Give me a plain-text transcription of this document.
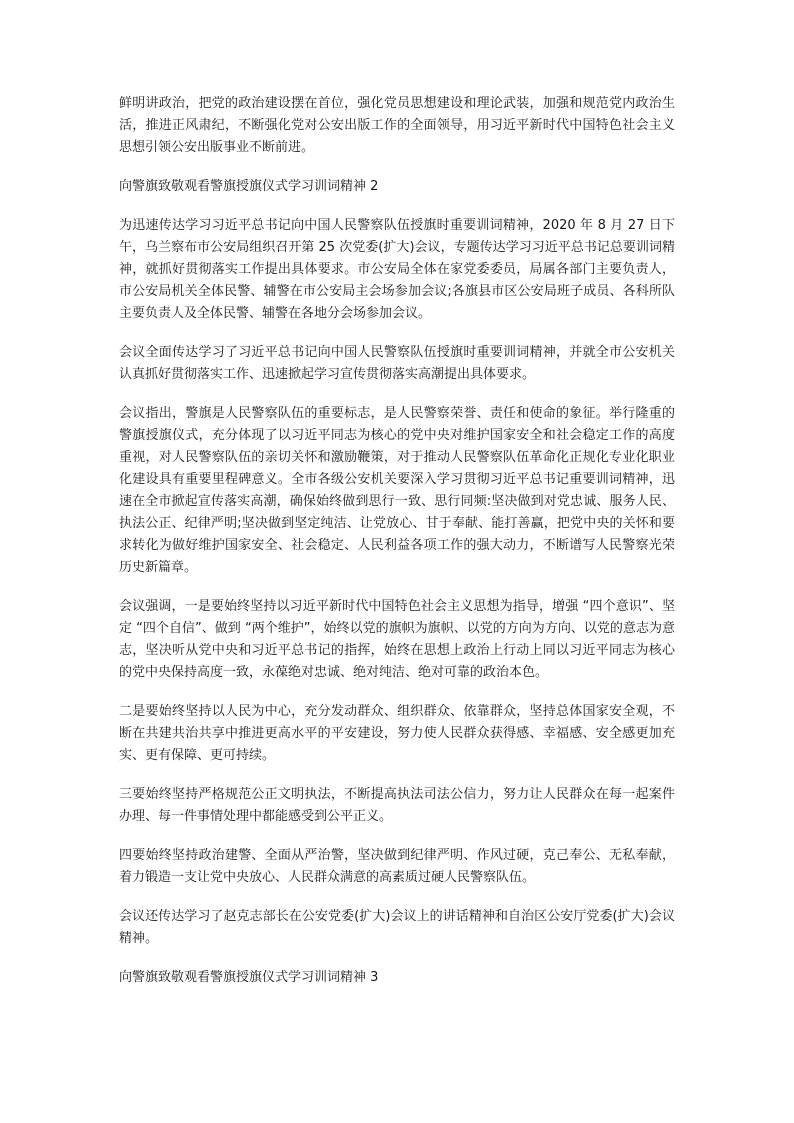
鲜明讲政治，把党的政治建设摆在首位，强化党员思想建设和理论武装，加强和规范党内政治生活，推进正风肃纪，不断强化党对公安出版工作的全面领导，用习近平新时代中国特色社会主义思想引领公安出版事业不断前进。

向警旗致敬观看警旗授旗仪式学习训词精神 2

为迅速传达学习习近平总书记向中国人民警察队伍授旗时重要训词精神，2020 年 8 月 27 日下午，乌兰察布市公安局组织召开第 25 次党委(扩大)会议，专题传达学习习近平总书记总要训词精神，就抓好贯彻落实工作提出具体要求。市公安局全体在家党委委员，局属各部门主要负责人，市公安局机关全体民警、辅警在市公安局主会场参加会议;各旗县市区公安局班子成员、各科所队主要负责人及全体民警、辅警在各地分会场参加会议。

会议全面传达学习了习近平总书记向中国人民警察队伍授旗时重要训词精神，并就全市公安机关认真抓好贯彻落实工作、迅速掀起学习宣传贯彻落实高潮提出具体要求。

会议指出，警旗是人民警察队伍的重要标志，是人民警察荣誉、责任和使命的象征。举行隆重的警旗授旗仪式，充分体现了以习近平同志为核心的党中央对维护国家安全和社会稳定工作的高度重视，对人民警察队伍的亲切关怀和激励鞭策，对于推动人民警察队伍革命化正规化专业化职业化建设具有重要里程碑意义。全市各级公安机关要深入学习贯彻习近平总书记重要训词精神，迅速在全市掀起宣传落实高潮，确保始终做到思行一致、思行同频:坚决做到对党忠诚、服务人民、执法公正、纪律严明;坚决做到坚定纯洁、让党放心、甘于奉献、能打善赢，把党中央的关怀和要求转化为做好维护国家安全、社会稳定、人民利益各项工作的强大动力，不断谱写人民警察光荣历史新篇章。

会议强调，一是要始终坚持以习近平新时代中国特色社会主义思想为指导，增强 “四个意识”、坚定 “四个自信”、做到 “两个维护”，始终以党的旗帜为旗帜、以党的方向为方向、以党的意志为意志，坚决听从党中央和习近平总书记的指挥，始终在思想上政治上行动上同以习近平同志为核心的党中央保持高度一致，永葆绝对忠诚、绝对纯洁、绝对可靠的政治本色。

二是要始终坚持以人民为中心，充分发动群众、组织群众、依靠群众，坚持总体国家安全观，不断在共建共治共享中推进更高水平的平安建设，努力使人民群众获得感、幸福感、安全感更加充实、更有保障、更可持续。

三要始终坚持严格规范公正文明执法，不断提高执法司法公信力，努力让人民群众在每一起案件办理、每一件事情处理中都能感受到公平正义。

四要始终坚持政治建警、全面从严治警，坚决做到纪律严明、作风过硬，克己奉公、无私奉献，着力锻造一支让党中央放心、人民群众满意的高素质过硬人民警察队伍。

会议还传达学习了赵克志部长在公安党委(扩大)会议上的讲话精神和自治区公安厅党委(扩大)会议精神。

向警旗致敬观看警旗授旗仪式学习训词精神 3
